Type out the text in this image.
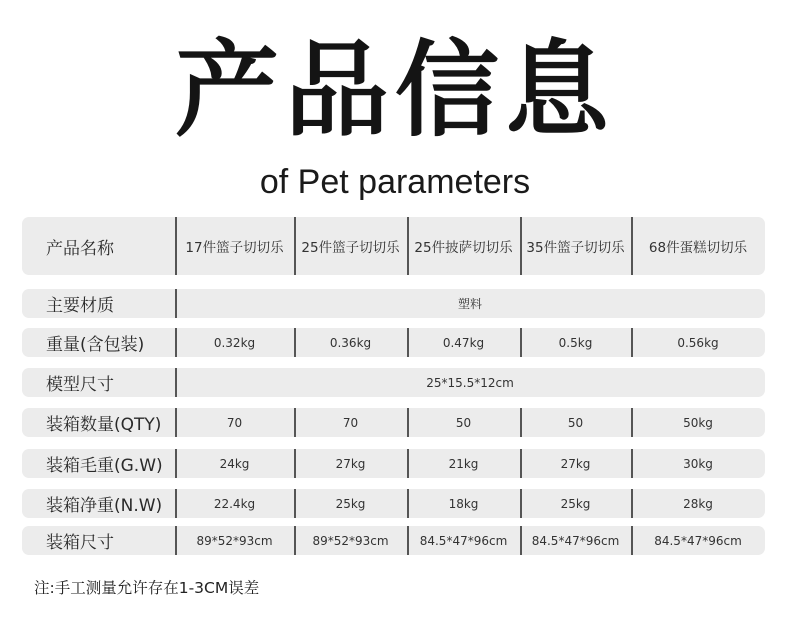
产品信息
of Pet parameters
产品名称	17件篮子切切乐	25件篮子切切乐	25件披萨切切乐	35件篮子切切乐	68件蛋糕切切乐
主要材质	塑料
重量(含包装)	0.32kg	0.36kg	0.47kg	0.5kg	0.56kg
模型尺寸	25*15.5*12cm
装箱数量(QTY)	70	70	50	50	50kg
装箱毛重(G.W)	24kg	27kg	21kg	27kg	30kg
装箱净重(N.W)	22.4kg	25kg	18kg	25kg	28kg
装箱尺寸	89*52*93cm	89*52*93cm	84.5*47*96cm	84.5*47*96cm	84.5*47*96cm
注:手工测量允许存在1-3CM误差
